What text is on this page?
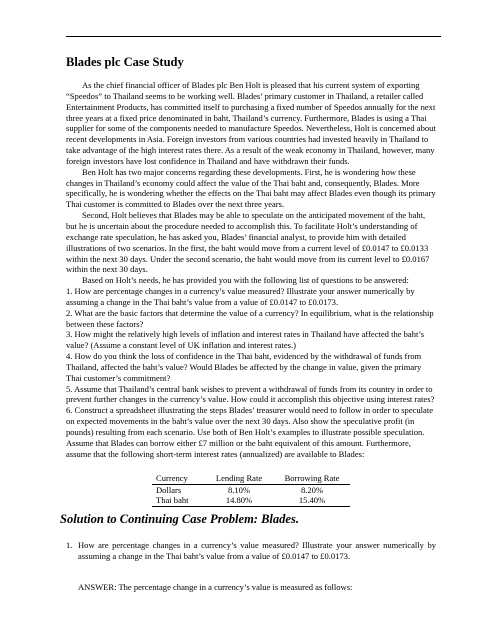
Blades plc Case Study

As the chief financial officer of Blades plc Ben Holt is pleased that his current system of exporting “Speedos” to Thailand seems to be working well. Blades’ primary customer in Thailand, a retailer called Entertainment Products, has committed itself to purchasing a fixed number of Speedos annually for the next three years at a fixed price denominated in baht, Thailand’s currency. Furthermore, Blades is using a Thai supplier for some of the components needed to manufacture Speedos. Nevertheless, Holt is concerned about recent developments in Asia. Foreign investors from various countries had invested heavily in Thailand to take advantage of the high interest rates there. As a result of the weak economy in Thailand, however, many foreign investors have lost confidence in Thailand and have withdrawn their funds.

Ben Holt has two major concerns regarding these developments. First, he is wondering how these changes in Thailand’s economy could affect the value of the Thai baht and, consequently, Blades. More specifically, he is wondering whether the effects on the Thai baht may affect Blades even though its primary Thai customer is committed to Blades over the next three years.

Second, Holt believes that Blades may be able to speculate on the anticipated movement of the baht, but he is uncertain about the procedure needed to accomplish this. To facilitate Holt’s understanding of exchange rate speculation, he has asked you, Blades’ financial analyst, to provide him with detailed illustrations of two scenarios. In the first, the baht would move from a current level of £0.0147 to £0.0133 within the next 30 days. Under the second scenario, the baht would move from its current level to £0.0167 within the next 30 days.

Based on Holt’s needs, he has provided you with the following list of questions to be answered:

1. How are percentage changes in a currency’s value measured? Illustrate your answer numerically by assuming a change in the Thai baht’s value from a value of £0.0147 to £0.0173.

2. What are the basic factors that determine the value of a currency? In equilibrium, what is the relationship between these factors?

3. How might the relatively high levels of inflation and interest rates in Thailand have affected the baht’s value? (Assume a constant level of UK inflation and interest rates.)

4. How do you think the loss of confidence in the Thai baht, evidenced by the withdrawal of funds from Thailand, affected the baht’s value? Would Blades be affected by the change in value, given the primary Thai customer’s commitment?

5. Assume that Thailand’s central bank wishes to prevent a withdrawal of funds from its country in order to prevent further changes in the currency’s value. How could it accomplish this objective using interest rates?

6. Construct a spreadsheet illustrating the steps Blades’ treasurer would need to follow in order to speculate on expected movements in the baht’s value over the next 30 days. Also show the speculative profit (in pounds) resulting from each scenario. Use both of Ben Holt’s examples to illustrate possible speculation. Assume that Blades can borrow either £7 million or the baht equivalent of this amount. Furthermore, assume that the following short-term interest rates (annualized) are available to Blades:

Currency	Lending Rate	Borrowing Rate
Dollars	8.10%	8.20%
Thai baht	14.80%	15.40%
Solution to Continuing Case Problem: Blades.
1. How are percentage changes in a currency’s value measured? Illustrate your answer numerically by assuming a change in the Thai baht’s value from a value of £0.0147 to £0.0173.
ANSWER: The percentage change in a currency’s value is measured as follows:
